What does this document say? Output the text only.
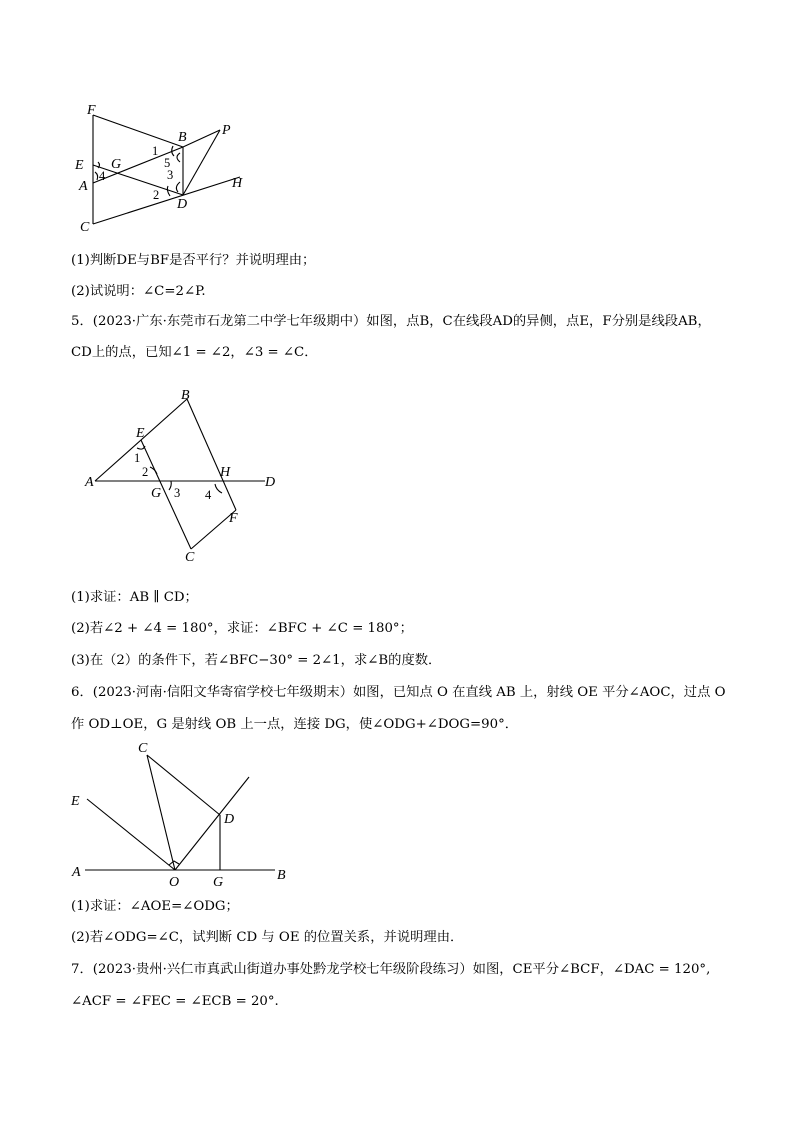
F
B	P
E G
1
5
A
4	3
H
2
D
C
(1)判断DE与BF是否平行？并说明理由；
(2)试说明：∠C=2∠P.
5．(2023·广东·东莞市石龙第二中学七年级期中）如图，点B，C在线段AD的异侧，点E，F分别是线段AB，
CD上的点，已知∠1 = ∠2，∠3 = ∠C．
B
E
1
2	H
D
A
G 3 4
F
C
(1)求证：AB ∥ CD；
(2)若∠2 + ∠4 = 180°，求证：∠BFC + ∠C = 180°；
(3)在（2）的条件下，若∠BFC−30° = 2∠1，求∠B的度数．
6．(2023·河南·信阳文华寄宿学校七年级期末）如图，已知点 O 在直线 AB 上，射线 OE 平分∠AOC，过点 O
作 OD⊥OE，G 是射线 OB 上一点，连接 DG，使∠ODG+∠DOG=90°．
C
E
D
A
O G	B
(1)求证：∠AOE=∠ODG；
(2)若∠ODG=∠C，试判断 CD 与 OE 的位置关系，并说明理由．
7．(2023·贵州·兴仁市真武山街道办事处黔龙学校七年级阶段练习）如图，CE平分∠BCF，∠DAC = 120°,
∠ACF = ∠FEC = ∠ECB = 20°.
